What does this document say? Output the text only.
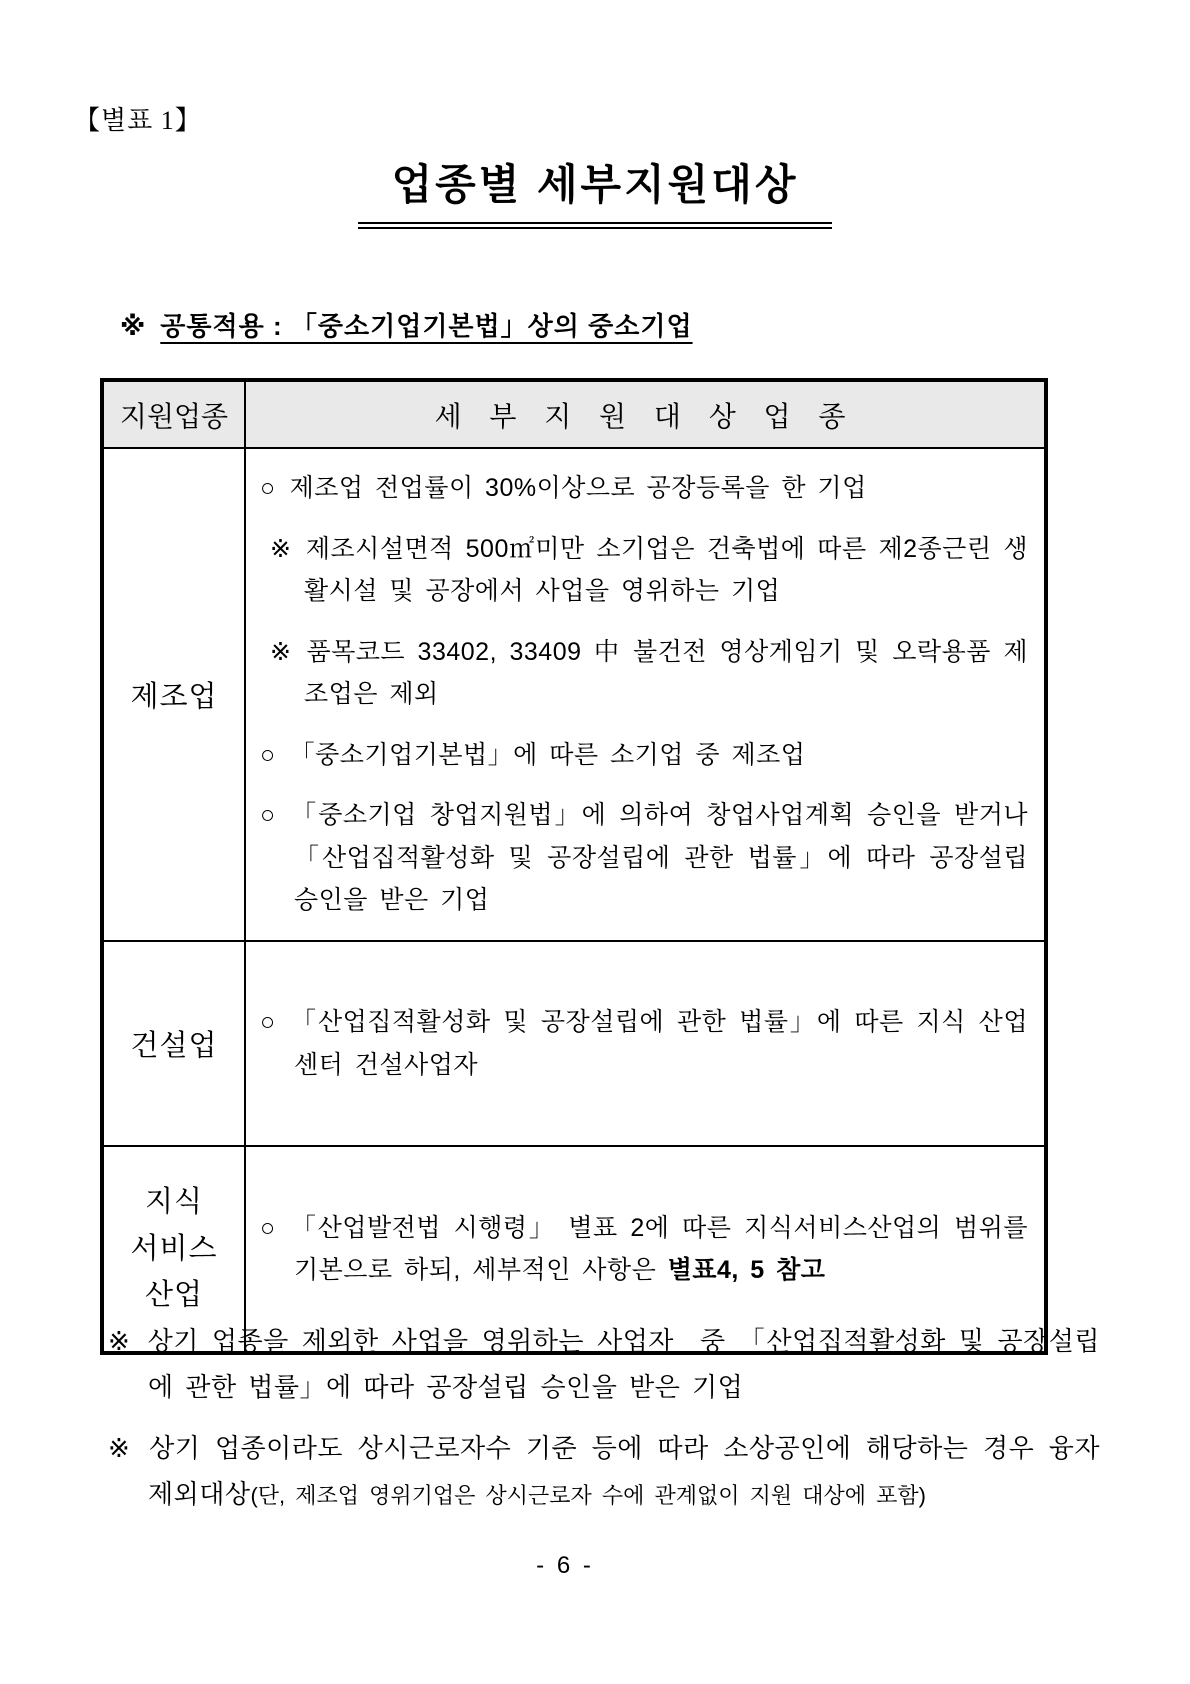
【별표 1】
업종별 세부지원대상
※ 공통적용 : 「중소기업기본법」상의 중소기업
지원업종	세 부 지 원 대 상 업 종
제조업	○ 제조업 전업률이 30%이상으로 공장등록을 한 기업
※ 제조시설면적 500㎡미만 소기업은 건축법에 따른 제2종근린 생활시설 및 공장에서 사업을 영위하는 기업
※ 품목코드 33402, 33409 中 불건전 영상게임기 및 오락용품 제조업은 제외
○ 「중소기업기본법」에 따른 소기업 중 제조업
○ 「중소기업 창업지원법」에 의하여 창업사업계획 승인을 받거나 「산업집적활성화 및 공장설립에 관한 법률」에 따라 공장설립 승인을 받은 기업

건설업	○ 「산업집적활성화 및 공장설립에 관한 법률」에 따른 지식 산업센터 건설사업자

지식
서비스
산업	○ 「산업발전법 시행령」 별표 2에 따른 지식서비스산업의 범위를 기본으로 하되, 세부적인 사항은 별표4, 5 참고
※ 상기 업종을 제외한 사업을 영위하는 사업자  중 「산업집적활성화 및 공장설립에 관한 법률」에 따라 공장설립 승인을 받은 기업
※ 상기 업종이라도 상시근로자수 기준 등에 따라 소상공인에 해당하는 경우 융자 제외대상(단, 제조업 영위기업은 상시근로자 수에 관계없이 지원 대상에 포함)
- 6 -
